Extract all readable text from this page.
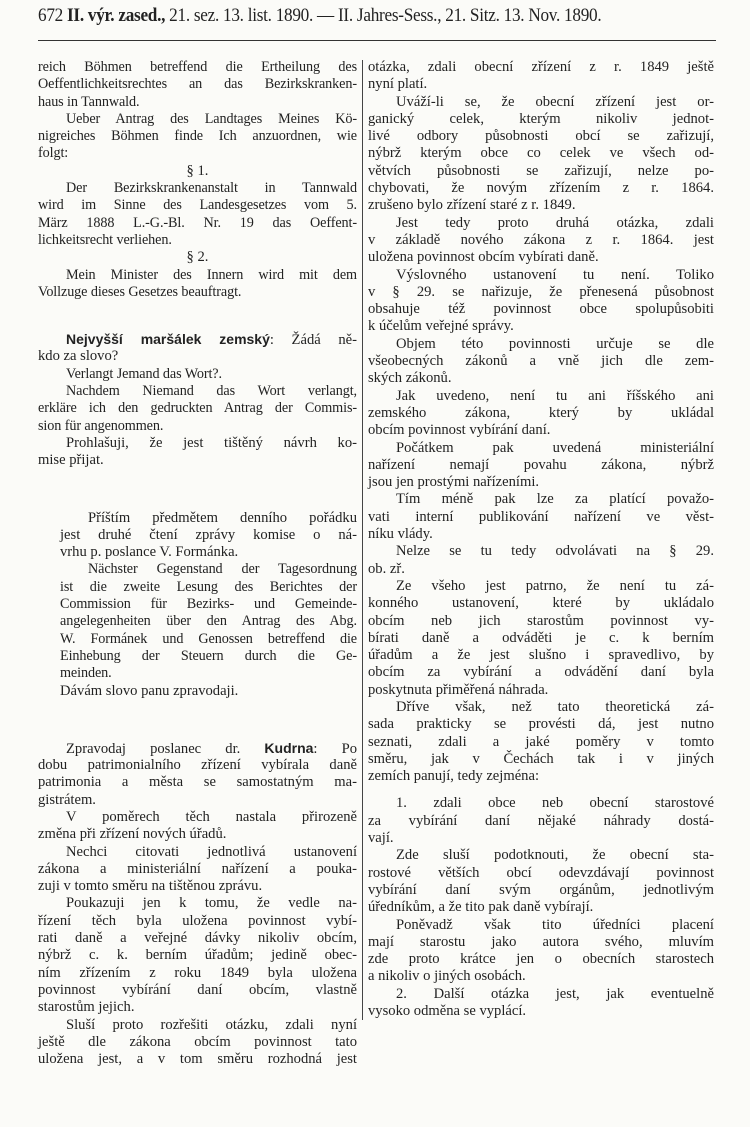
672 II. výr. zased., 21. sez. 13. list. 1890. — II. Jahres-Sess., 21. Sitz. 13. Nov. 1890.
reich Böhmen betreffend die Ertheilung des
Oeffentlichkeitsrechtes an das Bezirkskranken-
haus in Tannwald.
Ueber Antrag des Landtages Meines Kö-
nigreiches Böhmen finde Ich anzuordnen, wie
folgt:
§ 1.
Der Bezirkskrankenanstalt in Tannwald
wird im Sinne des Landesgesetzes vom 5.
März 1888 L.-G.-Bl. Nr. 19 das Oeffent-
lichkeitsrecht verliehen.
§ 2.
Mein Minister des Innern wird mit dem
Vollzuge dieses Gesetzes beauftragt.
Nejvyšší maršálek zemský: Žádá ně-
kdo za slovo?
Verlangt Jemand das Wort?.
Nachdem Niemand das Wort verlangt,
erkläre ich den gedruckten Antrag der Commis-
sion für angenommen.
Prohlašuji, že jest tištěný návrh ko-
mise přijat.
Příštím předmětem denního pořádku
jest druhé čtení zprávy komise o ná-
vrhu p. poslance V. Formánka.
Nächster Gegenstand der Tagesordnung
ist die zweite Lesung des Berichtes der
Commission für Bezirks- und Gemeinde-
angelegenheiten über den Antrag des Abg.
W. Formánek und Genossen betreffend die
Einhebung der Steuern durch die Ge-
meinden.
Dávám slovo panu zpravodaji.
Zpravodaj poslanec dr. Kudrna: Po
dobu patrimonialního zřízení vybírala daně
patrimonia a města se samostatným ma-
gistrátem.
V poměrech těch nastala přirozeně
změna při zřízení nových úřadů.
Nechci citovati jednotlivá ustanovení
zákona a ministeriální nařízení a pouka-
zuji v tomto směru na tištěnou zprávu.
Poukazuji jen k tomu, že vedle na-
řízení těch byla uložena povinnost vybí-
rati daně a veřejné dávky nikoliv obcím,
nýbrž c. k. berním úřadům; jedině obec-
ním zřízením z roku 1849 byla uložena
povinnost vybírání daní obcím, vlastně
starostům jejich.
Sluší proto rozřešiti otázku, zdali nyní
ještě dle zákona obcím povinnost tato
uložena jest, a v tom směru rozhodná jest
otázka, zdali obecní zřízení z r. 1849 ještě
nyní platí.
Uváží-li se, že obecní zřízení jest or-
ganický celek, kterým nikoliv jednot-
livé odbory působnosti obcí se zařizují,
nýbrž kterým obce co celek ve všech od-
větvích působnosti se zařizují, nelze po-
chybovati, že novým zřízením z r. 1864.
zrušeno bylo zřízení staré z r. 1849.
Jest tedy proto druhá otázka, zdali
v základě nového zákona z r. 1864. jest
uložena povinnost obcím vybírati daně.
Výslovného ustanovení tu není. Toliko
v § 29. se nařizuje, že přenesená působnost
obsahuje též povinnost obce spolupůsobiti
k účelům veřejné správy.
Objem této povinnosti určuje se dle
všeobecných zákonů a vně jich dle zem-
ských zákonů.
Jak uvedeno, není tu ani říšského ani
zemského zákona, který by ukládal
obcím povinnost vybírání daní.
Počátkem pak uvedená ministeriální
nařízení nemají povahu zákona, nýbrž
jsou jen prostými nařízeními.
Tím méně pak lze za platící považo-
vati interní publikování nařízení ve věst-
níku vlády.
Nelze se tu tedy odvolávati na § 29.
ob. zř.
Ze všeho jest patrno, že není tu zá-
konného ustanovení, které by ukládalo
obcím neb jich starostům povinnost vy-
bírati daně a odváděti je c. k berním
úřadům a že jest slušno i spravedlivo, by
obcím za vybírání a odvádění daní byla
poskytnuta přiměřená náhrada.
Dříve však, než tato theoretická zá-
sada prakticky se provésti dá, jest nutno
seznati, zdali a jaké poměry v tomto
směru, jak v Čechách tak i v jiných
zemích panují, tedy zejména:
1. zdali obce neb obecní starostové
za vybírání daní nějaké náhrady dostá-
vají.
Zde sluší podotknouti, že obecní sta-
rostové větších obcí odevzdávají povinnost
vybírání daní svým orgánům, jednotlivým
úředníkům, a že tito pak daně vybírají.
Poněvadž však tito úředníci placení
mají starostu jako autora svého, mluvím
zde proto krátce jen o obecních starostech
a nikoliv o jiných osobách.
2. Další otázka jest, jak eventuelně
vysoko odměna se vyplácí.
